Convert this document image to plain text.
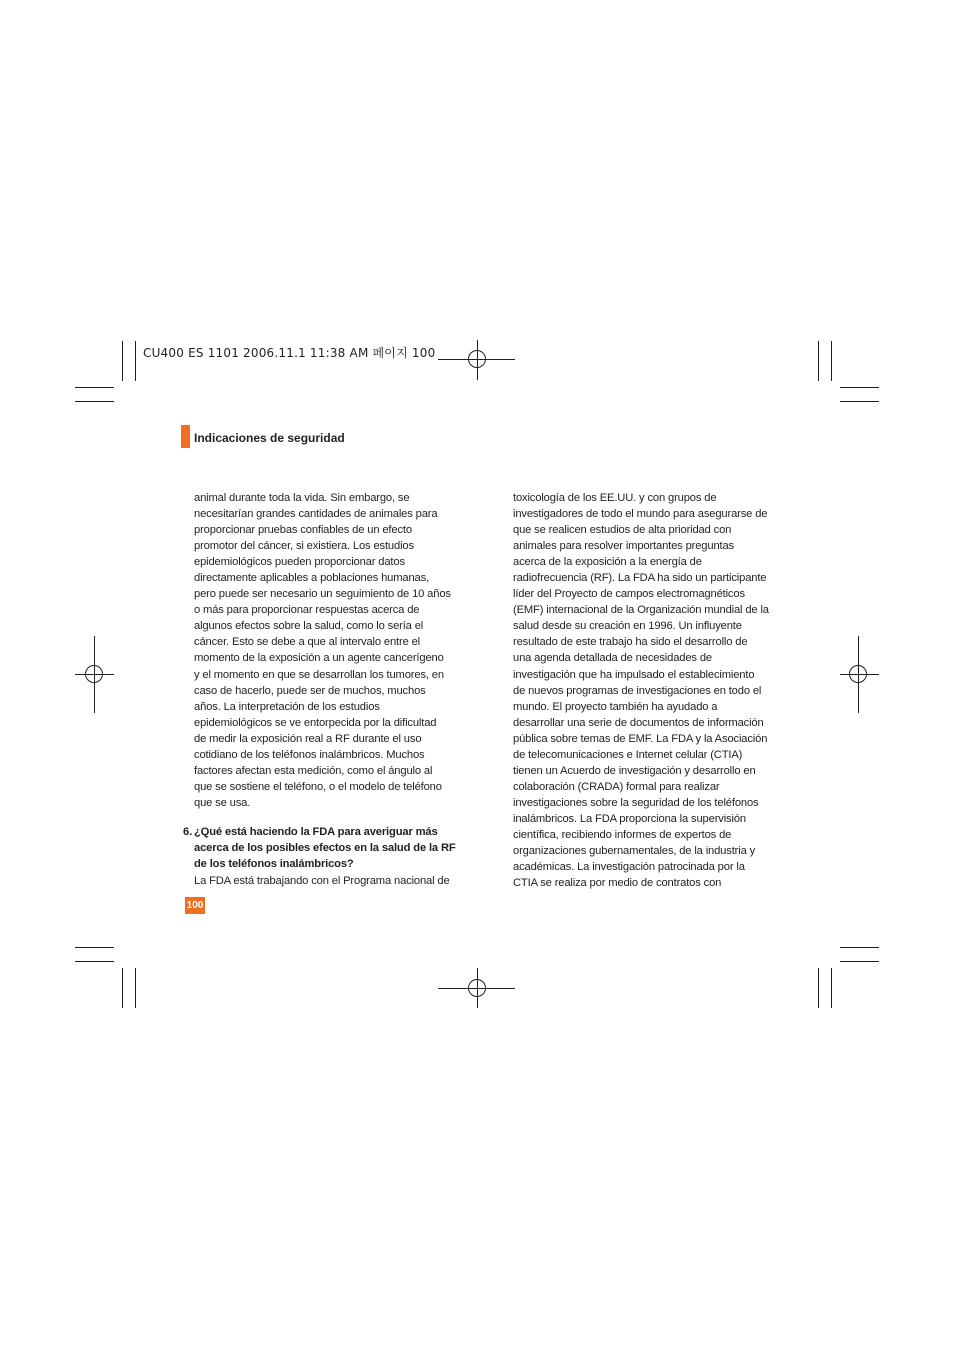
CU400 ES 1101 2006.11.1 11:38 AM 페이지 100
Indicaciones de seguridad

animal durante toda la vida. Sin embargo, se
necesitarían grandes cantidades de animales para
proporcionar pruebas confiables de un efecto
promotor del cáncer, si existiera. Los estudios
epidemiológicos pueden proporcionar datos
directamente aplicables a poblaciones humanas,
pero puede ser necesario un seguimiento de 10 años
o más para proporcionar respuestas acerca de
algunos efectos sobre la salud, como lo sería el
cáncer. Esto se debe a que al intervalo entre el
momento de la exposición a un agente cancerígeno
y el momento en que se desarrollan los tumores, en
caso de hacerlo, puede ser de muchos, muchos
años. La interpretación de los estudios
epidemiológicos se ve entorpecida por la dificultad
de medir la exposición real a RF durante el uso
cotidiano de los teléfonos inalámbricos. Muchos
factores afectan esta medición, como el ángulo al
que se sostiene el teléfono, o el modelo de teléfono
que se usa.

6. ¿Qué está haciendo la FDA para averiguar más
acerca de los posibles efectos en la salud de la RF
de los teléfonos inalámbricos?
La FDA está trabajando con el Programa nacional de

toxicología de los EE.UU. y con grupos de
investigadores de todo el mundo para asegurarse de
que se realicen estudios de alta prioridad con
animales para resolver importantes preguntas
acerca de la exposición a la energía de
radiofrecuencia (RF). La FDA ha sido un participante
líder del Proyecto de campos electromagnéticos
(EMF) internacional de la Organización mundial de la
salud desde su creación en 1996. Un influyente
resultado de este trabajo ha sido el desarrollo de
una agenda detallada de necesidades de
investigación que ha impulsado el establecimiento
de nuevos programas de investigaciones en todo el
mundo. El proyecto también ha ayudado a
desarrollar una serie de documentos de información
pública sobre temas de EMF. La FDA y la Asociación
de telecomunicaciones e Internet celular (CTIA)
tienen un Acuerdo de investigación y desarrollo en
colaboración (CRADA) formal para realizar
investigaciones sobre la seguridad de los teléfonos
inalámbricos. La FDA proporciona la supervisión
científica, recibiendo informes de expertos de
organizaciones gubernamentales, de la industria y
académicas. La investigación patrocinada por la
CTIA se realiza por medio de contratos con

100
